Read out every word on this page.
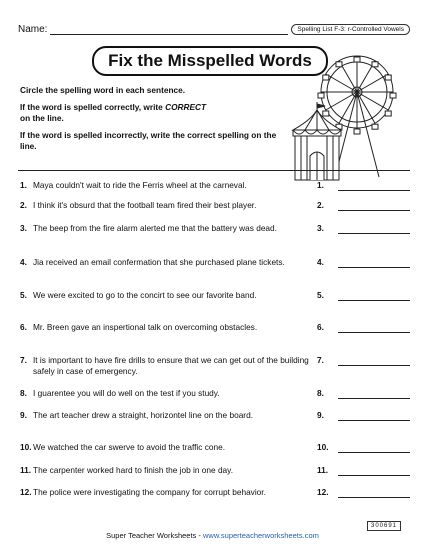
Name:	Spelling List F-3: r-Controlled Vowels
Fix the Misspelled Words

Circle the spelling word in each sentence.

If the word is spelled correctly, write CORRECT
on the line.

If the word is spelled incorrectly, write the correct spelling on the line.

1. Maya couldn't wait to ride the Ferris wheel at the carneval.	1.
2. I think it's obsurd that the football team fired their best player.	2.
3. The beep from the fire alarm alerted me that the battery was dead.	3.
4. Jia received an email confermation that she purchased plane tickets.	4.
5. We were excited to go to the concirt to see our favorite band.	5.
6. Mr. Breen gave an inspertional talk on overcoming obstacles.	6.
7. It is important to have fire drills to ensure that we can get out of the building safely in case of emergency.
7.
8. I guarentee you will do well on the test if you study.	8.
9. The art teacher drew a straight, horizontel line on the board.	9.
10. We watched the car swerve to avoid the traffic cone.	10.
11. The carpenter worked hard to finish the job in one day.	11.
12. The police were investigating the company for corrupt behavior.	12.
Super Teacher Worksheets - www.superteacherworksheets.com
300691
